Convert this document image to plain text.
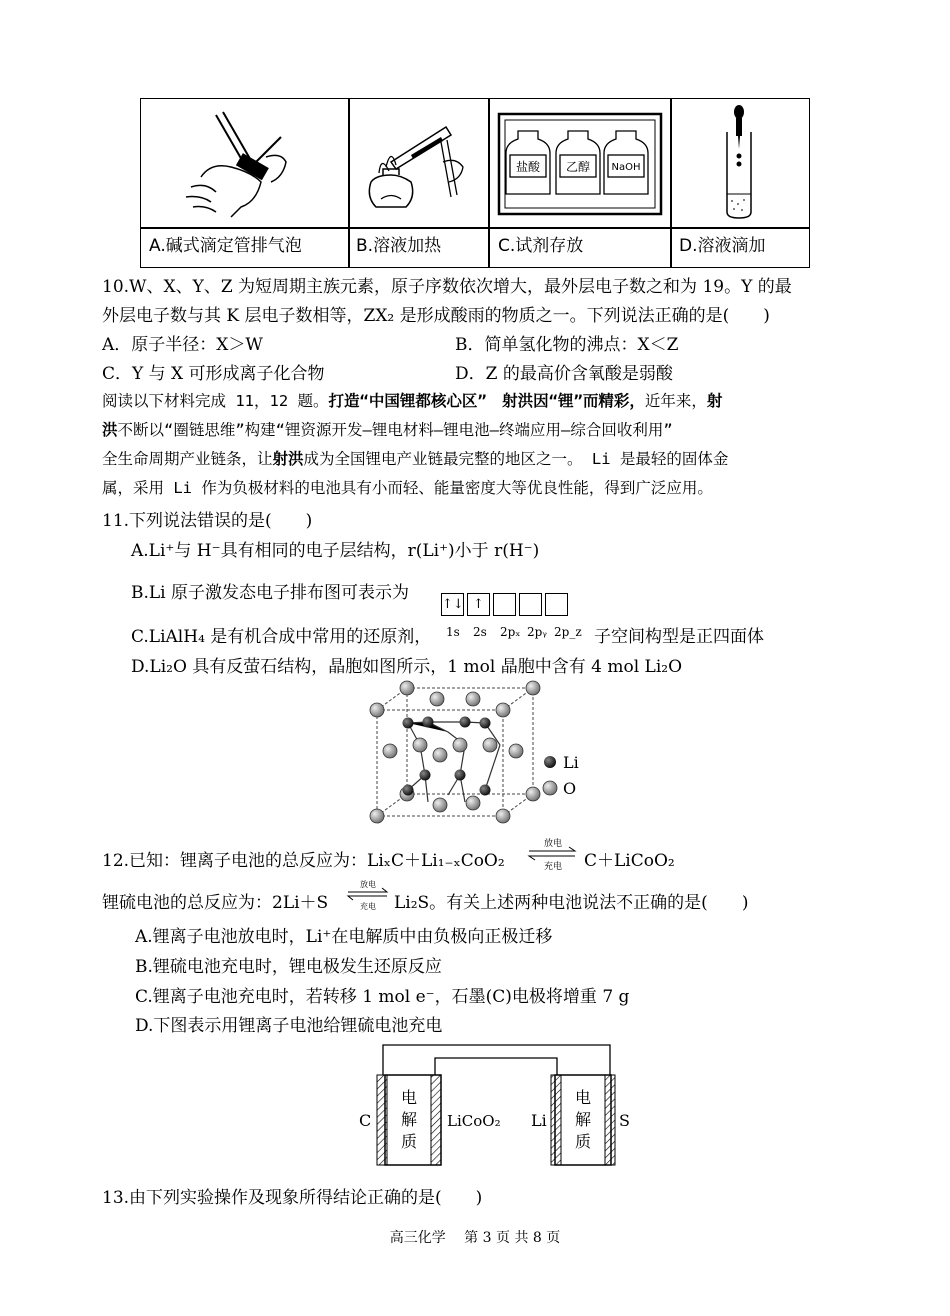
盐酸 乙醇 NaOH
A.碱式滴定管排气泡	B.溶液加热	C.试剂存放	D.溶液滴加
10.W、X、Y、Z 为短周期主族元素，原子序数依次增大，最外层电子数之和为 19。Y 的最
外层电子数与其 K 层电子数相等，ZX₂ 是形成酸雨的物质之一。下列说法正确的是(　　)
A．原子半径：X＞W	B．简单氢化物的沸点：X＜Z
C．Y 与 X 可形成离子化合物	D．Z 的最高价含氧酸是弱酸
阅读以下材料完成 11，12 题。打造“中国锂都核心区”　射洪因“锂”而精彩，近年来，射
洪不断以“圈链思维”构建“锂资源开发—锂电材料—锂电池—终端应用—综合回收利用”
全生命周期产业链条，让射洪成为全国锂电产业链最完整的地区之一。 Li 是最轻的固体金
属，采用 Li 作为负极材料的电池具有小而轻、能量密度大等优良性能，得到广泛应用。
11.下列说法错误的是(　　)
A.Li⁺与 H⁻具有相同的电子层结构，r(Li⁺)小于 r(H⁻)
B.Li 原子激发态电子排布图可表示为
↑↓ ↑
C.LiAlH₄ 是有机合成中常用的还原剂， 1s 2s 2pₓ 2pᵧ 2p_z 子空间构型是正四面体
D.Li₂O 具有反萤石结构，晶胞如图所示，1 mol 晶胞中含有 4 mol Li₂O
Li
O
12.已知：锂离子电池的总反应为：LiₓC＋Li₁₋ₓCoO₂
放电
充电 C＋LiCoO₂
锂硫电池的总反应为：2Li＋S
放电
充电 Li₂S。有关上述两种电池说法不正确的是(　　)
A.锂离子电池放电时，Li⁺在电解质中由负极向正极迁移
B.锂硫电池充电时，锂电极发生还原反应
C.锂离子电池充电时，若转移 1 mol e⁻，石墨(C)电极将增重 7 g
D.下图表示用锂离子电池给锂硫电池充电
电
解
质
电
解
质
C	LiCoO₂ Li	S
13.由下列实验操作及现象所得结论正确的是(　　)
高三化学　 第 3 页 共 8 页
